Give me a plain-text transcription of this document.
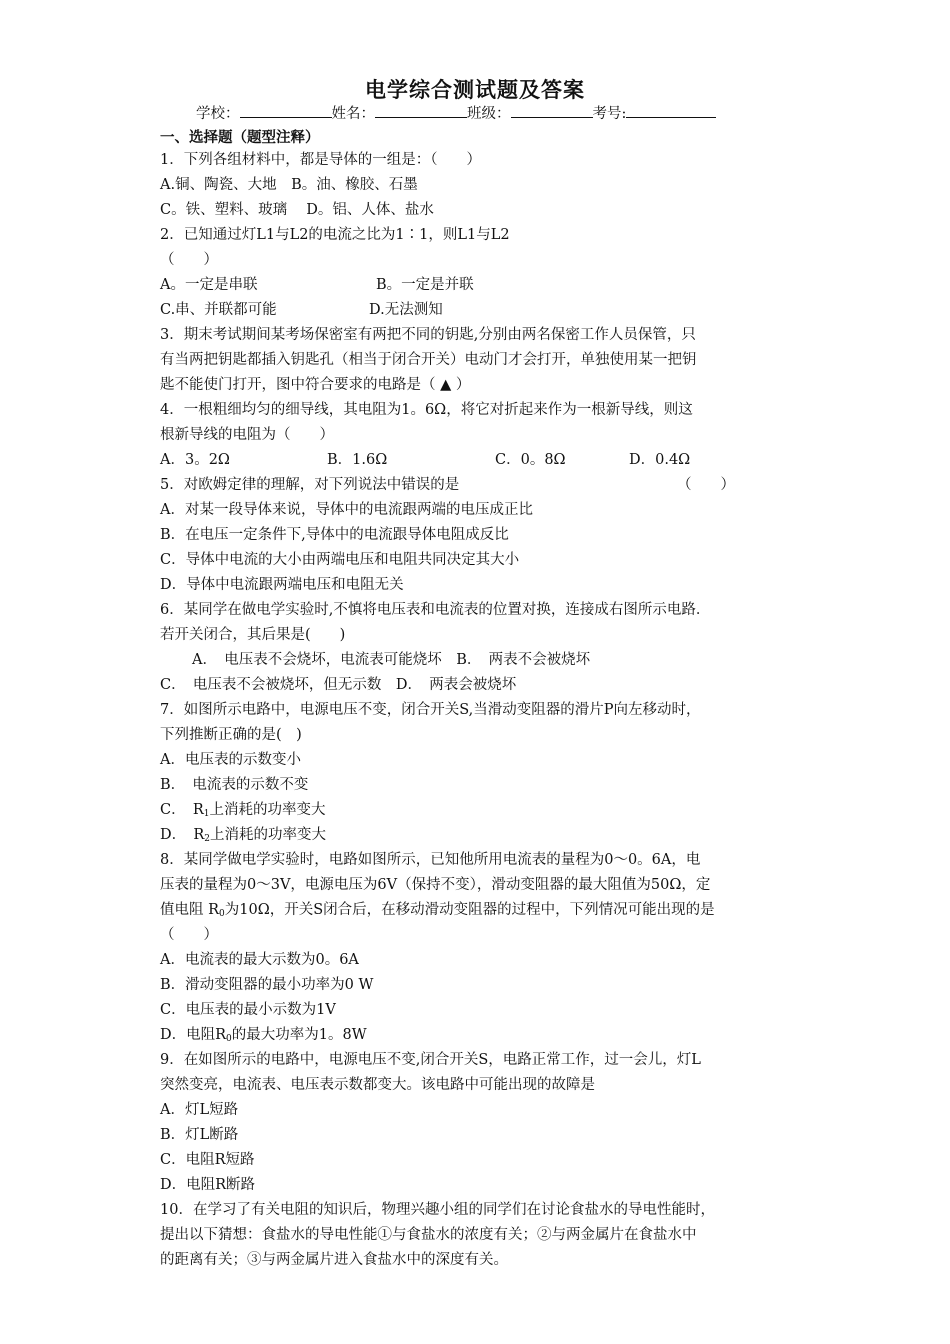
电学综合测试题及答案
学校：	姓名：	班级：	考号:
一、选择题（题型注释）
1．下列各组材料中，都是导体的一组是：（　　）
A.铜、陶瓷、大地　B。油、橡胶、石墨
C。铁、塑料、玻璃　 D。铝、人体、盐水
2．已知通过灯L1与L2的电流之比为1∶1，则L1与L2
（　　）
A。一定是串联	B。一定是并联
C.串、并联都可能	D.无法测知
3．期末考试期间某考场保密室有两把不同的钥匙,分别由两名保密工作人员保管，只
有当两把钥匙都插入钥匙孔（相当于闭合开关）电动门才会打开，单独使用某一把钥
匙不能使门打开，图中符合要求的电路是（ ▲ ）
4．一根粗细均匀的细导线，其电阻为1。6Ω，将它对折起来作为一根新导线，则这
根新导线的电阻为（　　）
A．3。2Ω	B．1.6Ω	C．0。8Ω	D．0.4Ω
5．对欧姆定律的理解，对下列说法中错误的是	（　　）
A．对某一段导体来说，导体中的电流跟两端的电压成正比
B．在电压一定条件下,导体中的电流跟导体电阻成反比
C．导体中电流的大小由两端电压和电阻共同决定其大小
D．导体中电流跟两端电压和电阻无关
6．某同学在做电学实验时,不慎将电压表和电流表的位置对换，连接成右图所示电路．
若开关闭合，其后果是(　　)
A．　电压表不会烧坏，电流表可能烧坏　B．　两表不会被烧坏
C．　电压表不会被烧坏，但无示数　D．　两表会被烧坏
7．如图所示电路中，电源电压不变，闭合开关S,当滑动变阻器的滑片P向左移动时，
下列推断正确的是(　)
A．电压表的示数变小
B．　电流表的示数不变
C．　$R_1$上消耗的功率变大
D．　$R_2$上消耗的功率变大
8．某同学做电学实验时，电路如图所示，已知他所用电流表的量程为0～0。6A，电
压表的量程为0～3V，电源电压为6V（保持不变），滑动变阻器的最大阻值为50Ω，定
值电阻 $R_0$为10Ω，开关S闭合后，在移动滑动变阻器的过程中，下列情况可能出现的是
（　　）
A．电流表的最大示数为0。6A
B．滑动变阻器的最小功率为0 W
C．电压表的最小示数为1V
D．电阻$R_0$的最大功率为1。8W
9．在如图所示的电路中，电源电压不变,闭合开关S，电路正常工作，过一会儿，灯L
突然变亮，电流表、电压表示数都变大。该电路中可能出现的故障是
A．灯L短路
B．灯L断路
C．电阻R短路
D．电阻R断路
10．在学习了有关电阻的知识后，物理兴趣小组的同学们在讨论食盐水的导电性能时，
提出以下猜想：食盐水的导电性能①与食盐水的浓度有关；②与两金属片在食盐水中
的距离有关；③与两金属片进入食盐水中的深度有关。
